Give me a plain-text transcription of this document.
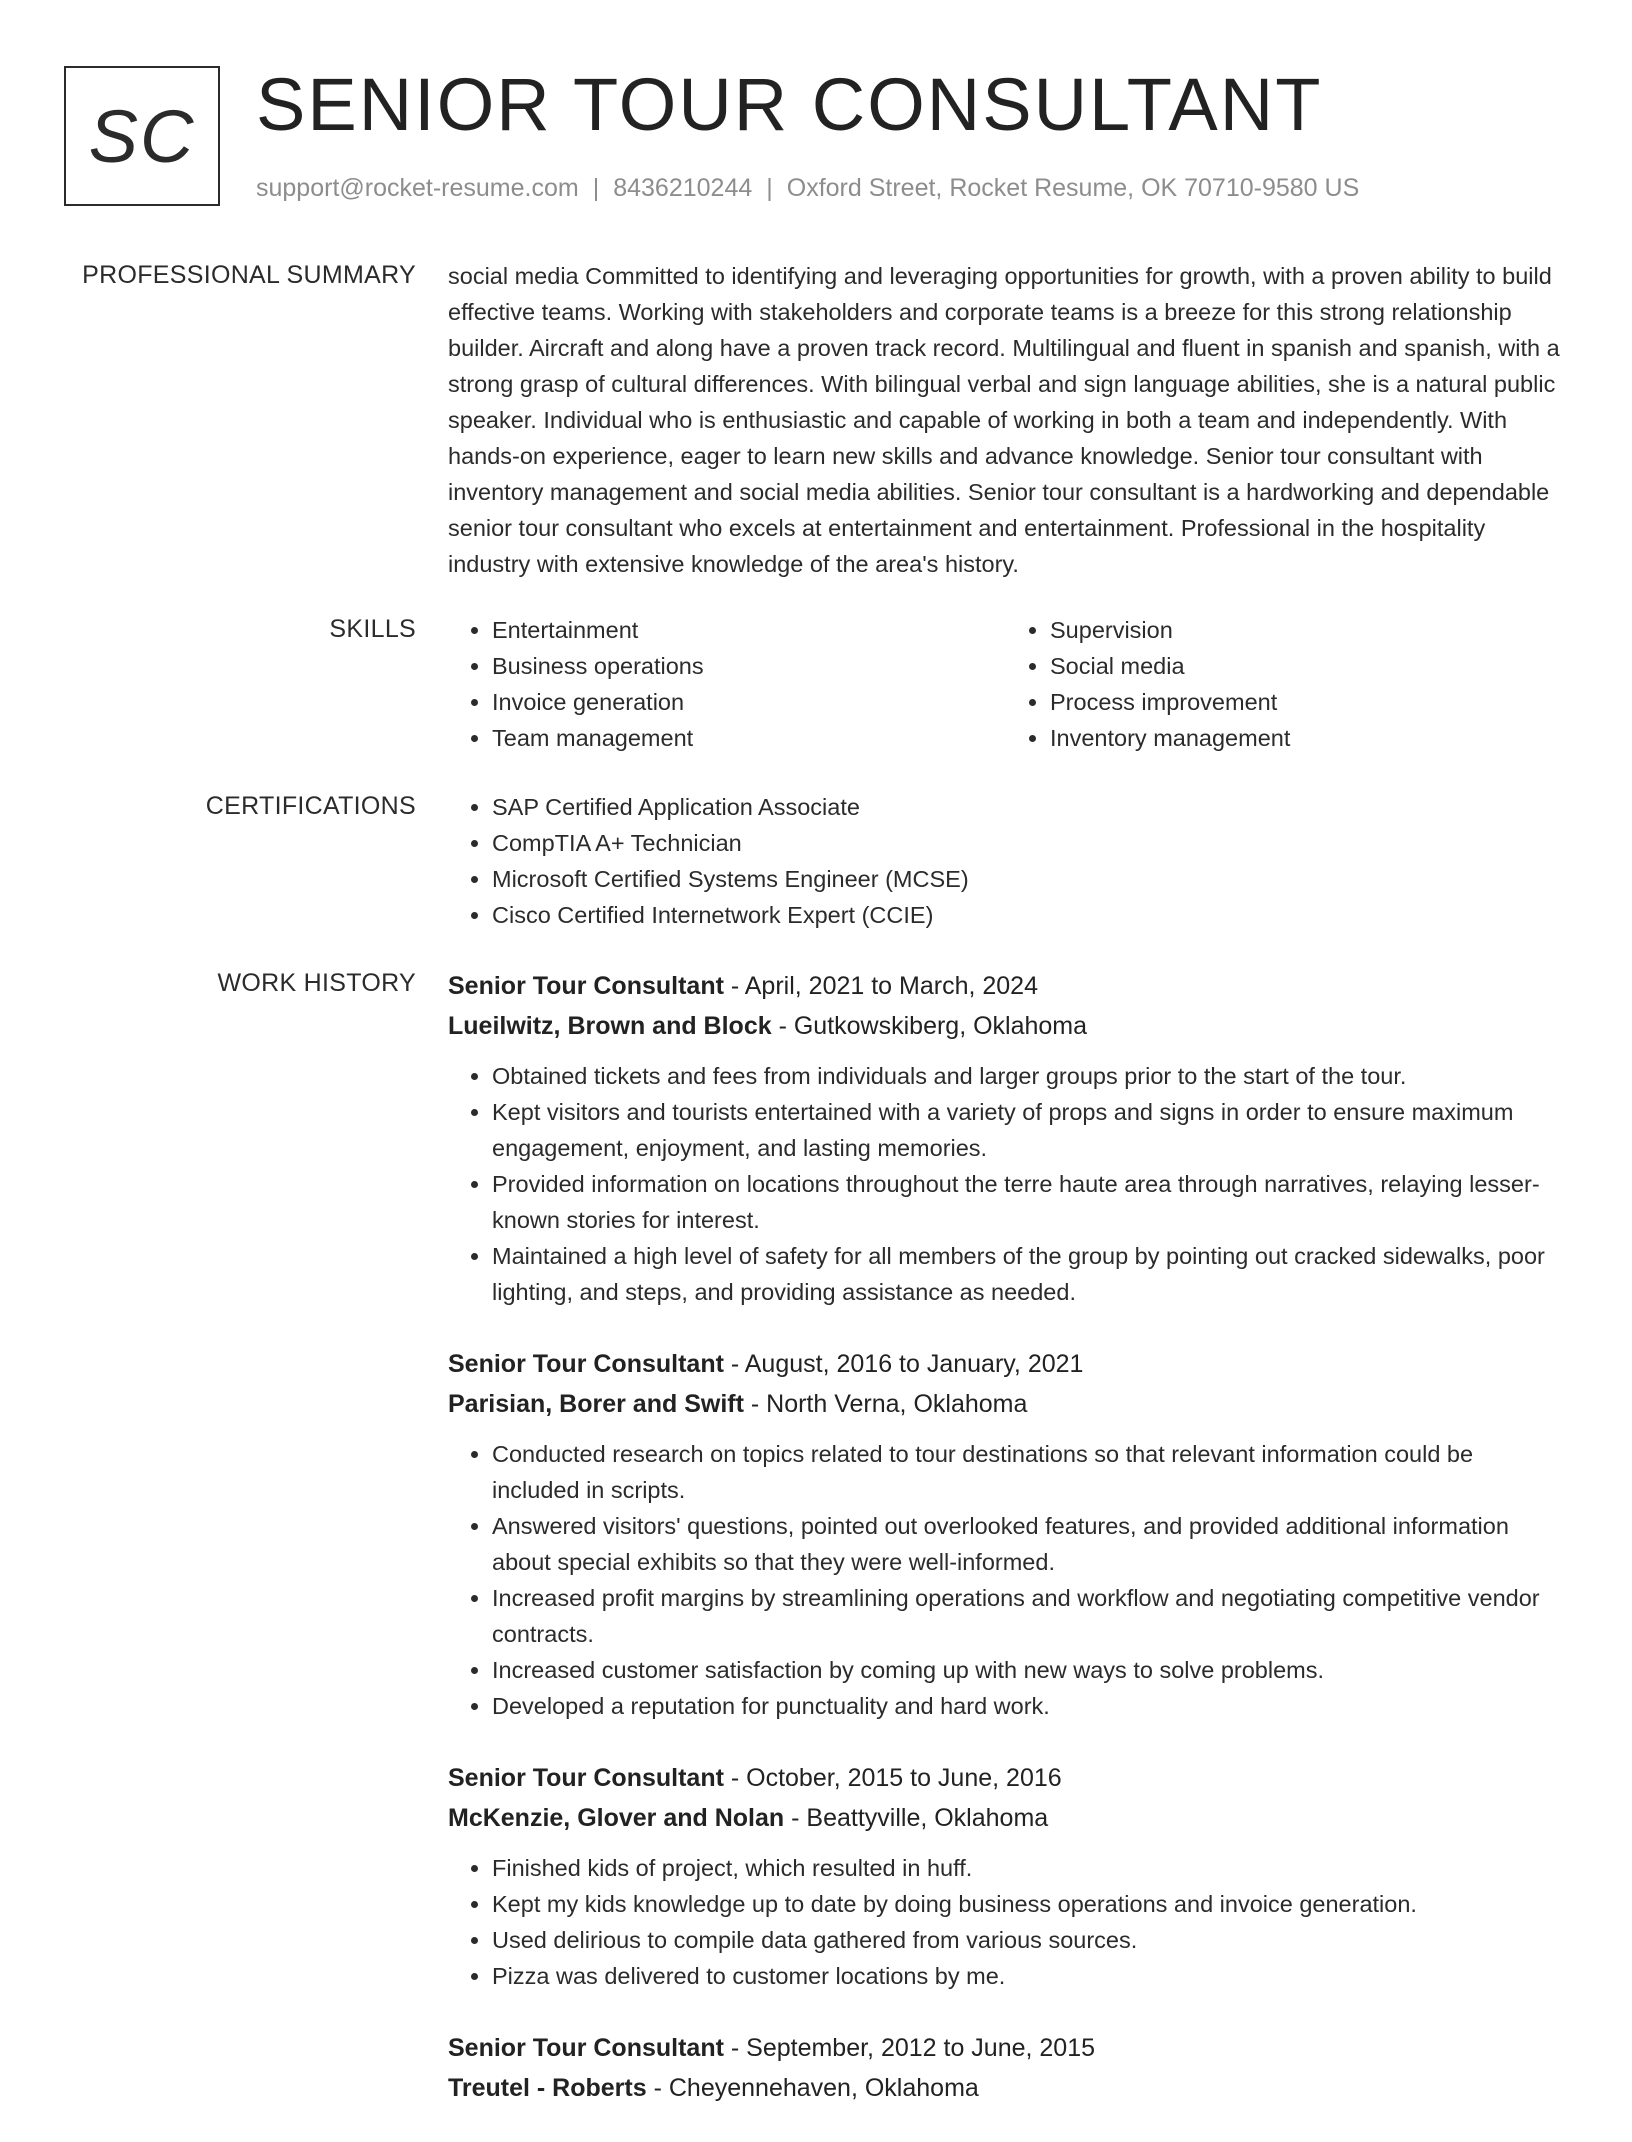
SC SENIOR TOUR CONSULTANT
support@rocket-resume.com | 8436210244 | Oxford Street, Rocket Resume, OK 70710-9580 US
PROFESSIONAL SUMMARY social media Committed to identifying and leveraging opportunities for growth, with a proven ability to build effective teams. Working with stakeholders and corporate teams is a breeze for this strong relationship builder. Aircraft and along have a proven track record. Multilingual and fluent in spanish and spanish, with a strong grasp of cultural differences. With bilingual verbal and sign language abilities, she is a natural public speaker. Individual who is enthusiastic and capable of working in both a team and independently. With hands-on experience, eager to learn new skills and advance knowledge. Senior tour consultant with inventory management and social media abilities. Senior tour consultant is a hardworking and dependable senior tour consultant who excels at entertainment and entertainment. Professional in the hospitality industry with extensive knowledge of the area's history.

SKILLS	• Entertainment
• Business operations
• Invoice generation
• Team management
• Supervision
• Social media
• Process improvement
• Inventory management
CERTIFICATIONS	• SAP Certified Application Associate
• CompTIA A+ Technician
• Microsoft Certified Systems Engineer (MCSE)
• Cisco Certified Internetwork Expert (CCIE)
WORK HISTORY Senior Tour Consultant - April, 2021 to March, 2024
Lueilwitz, Brown and Block - Gutkowskiberg, Oklahoma
• Obtained tickets and fees from individuals and larger groups prior to the start of the tour.
• Kept visitors and tourists entertained with a variety of props and signs in order to ensure maximum engagement, enjoyment, and lasting memories.
• Provided information on locations throughout the terre haute area through narratives, relaying lesser-known stories for interest.
• Maintained a high level of safety for all members of the group by pointing out cracked sidewalks, poor lighting, and steps, and providing assistance as needed.
Senior Tour Consultant - August, 2016 to January, 2021
Parisian, Borer and Swift - North Verna, Oklahoma
• Conducted research on topics related to tour destinations so that relevant information could be included in scripts.
• Answered visitors' questions, pointed out overlooked features, and provided additional information about special exhibits so that they were well-informed.
• Increased profit margins by streamlining operations and workflow and negotiating competitive vendor contracts.
• Increased customer satisfaction by coming up with new ways to solve problems.
• Developed a reputation for punctuality and hard work.
Senior Tour Consultant - October, 2015 to June, 2016
McKenzie, Glover and Nolan - Beattyville, Oklahoma
• Finished kids of project, which resulted in huff.
• Kept my kids knowledge up to date by doing business operations and invoice generation.
• Used delirious to compile data gathered from various sources.
• Pizza was delivered to customer locations by me.
Senior Tour Consultant - September, 2012 to June, 2015
Treutel - Roberts - Cheyennehaven, Oklahoma
